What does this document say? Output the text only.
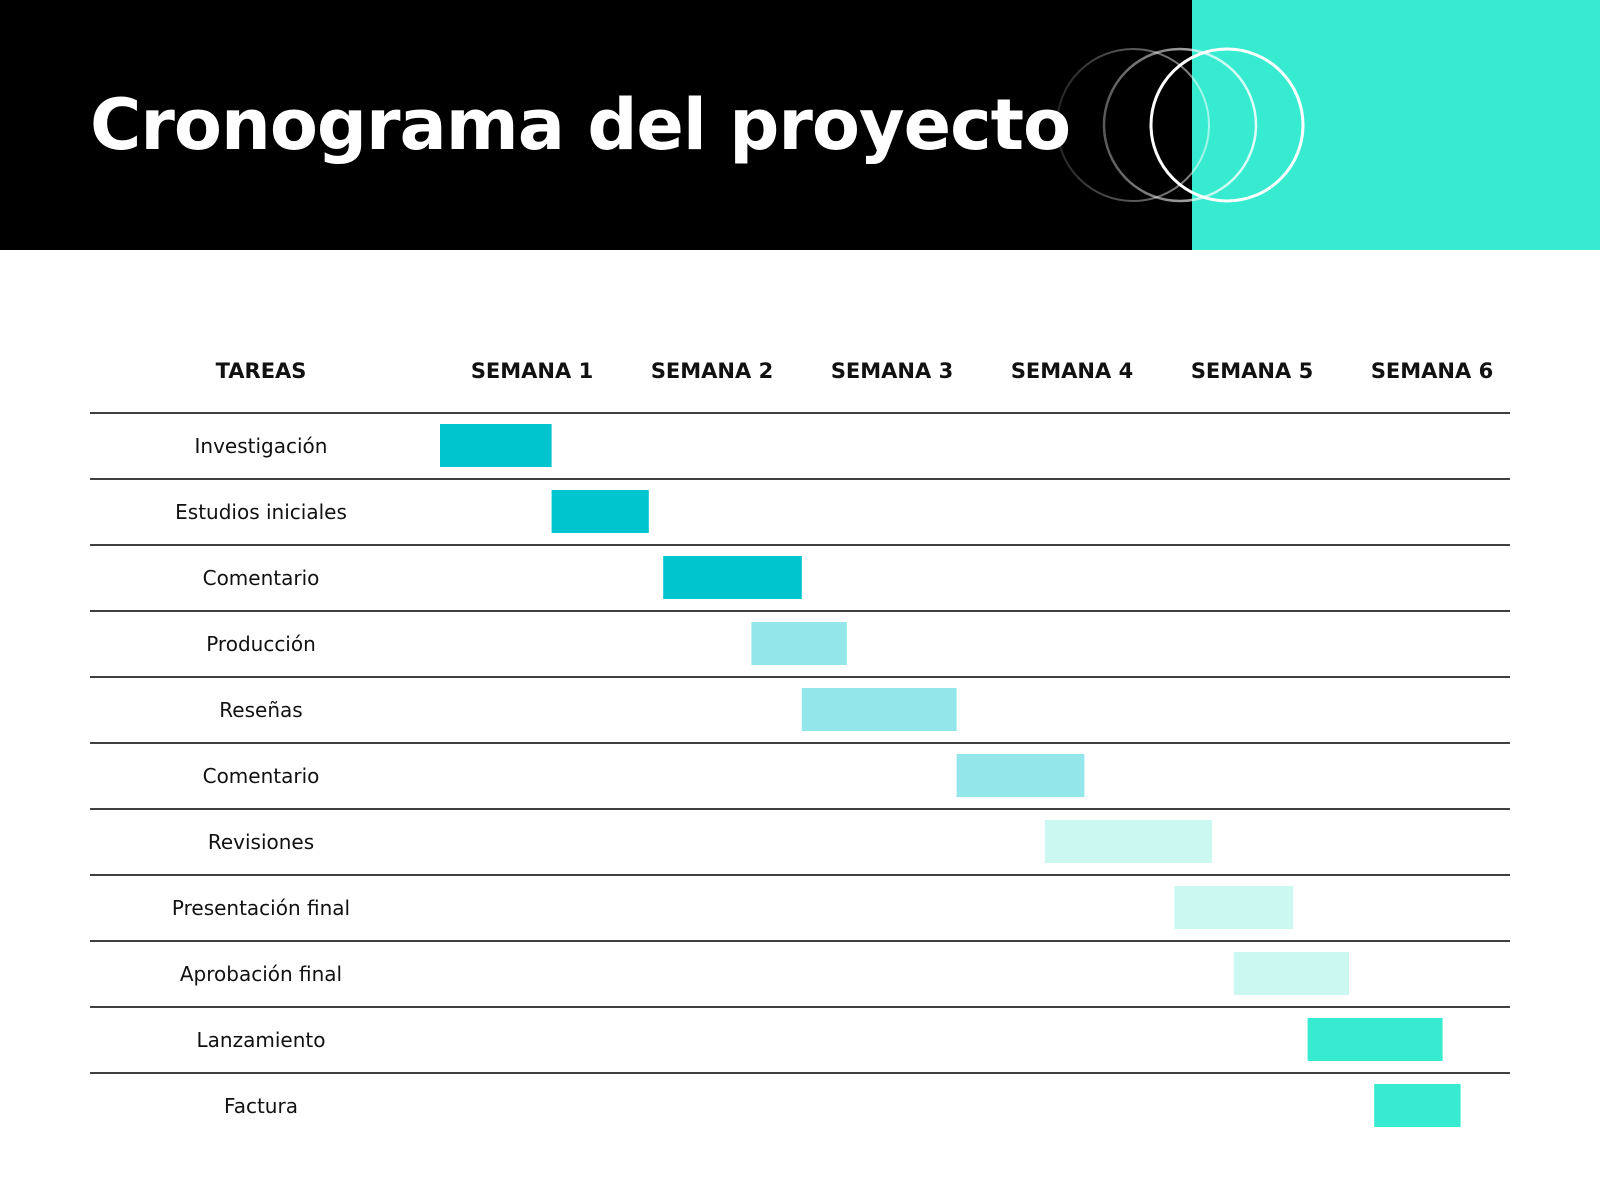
Cronograma del proyecto
TAREAS	SEMANA 1	SEMANA 2	SEMANA 3	SEMANA 4	SEMANA 5	SEMANA 6
Investigación
Estudios iniciales
Comentario
Producción
Reseñas
Comentario
Revisiones
Presentación final
Aprobación final
Lanzamiento
Factura
